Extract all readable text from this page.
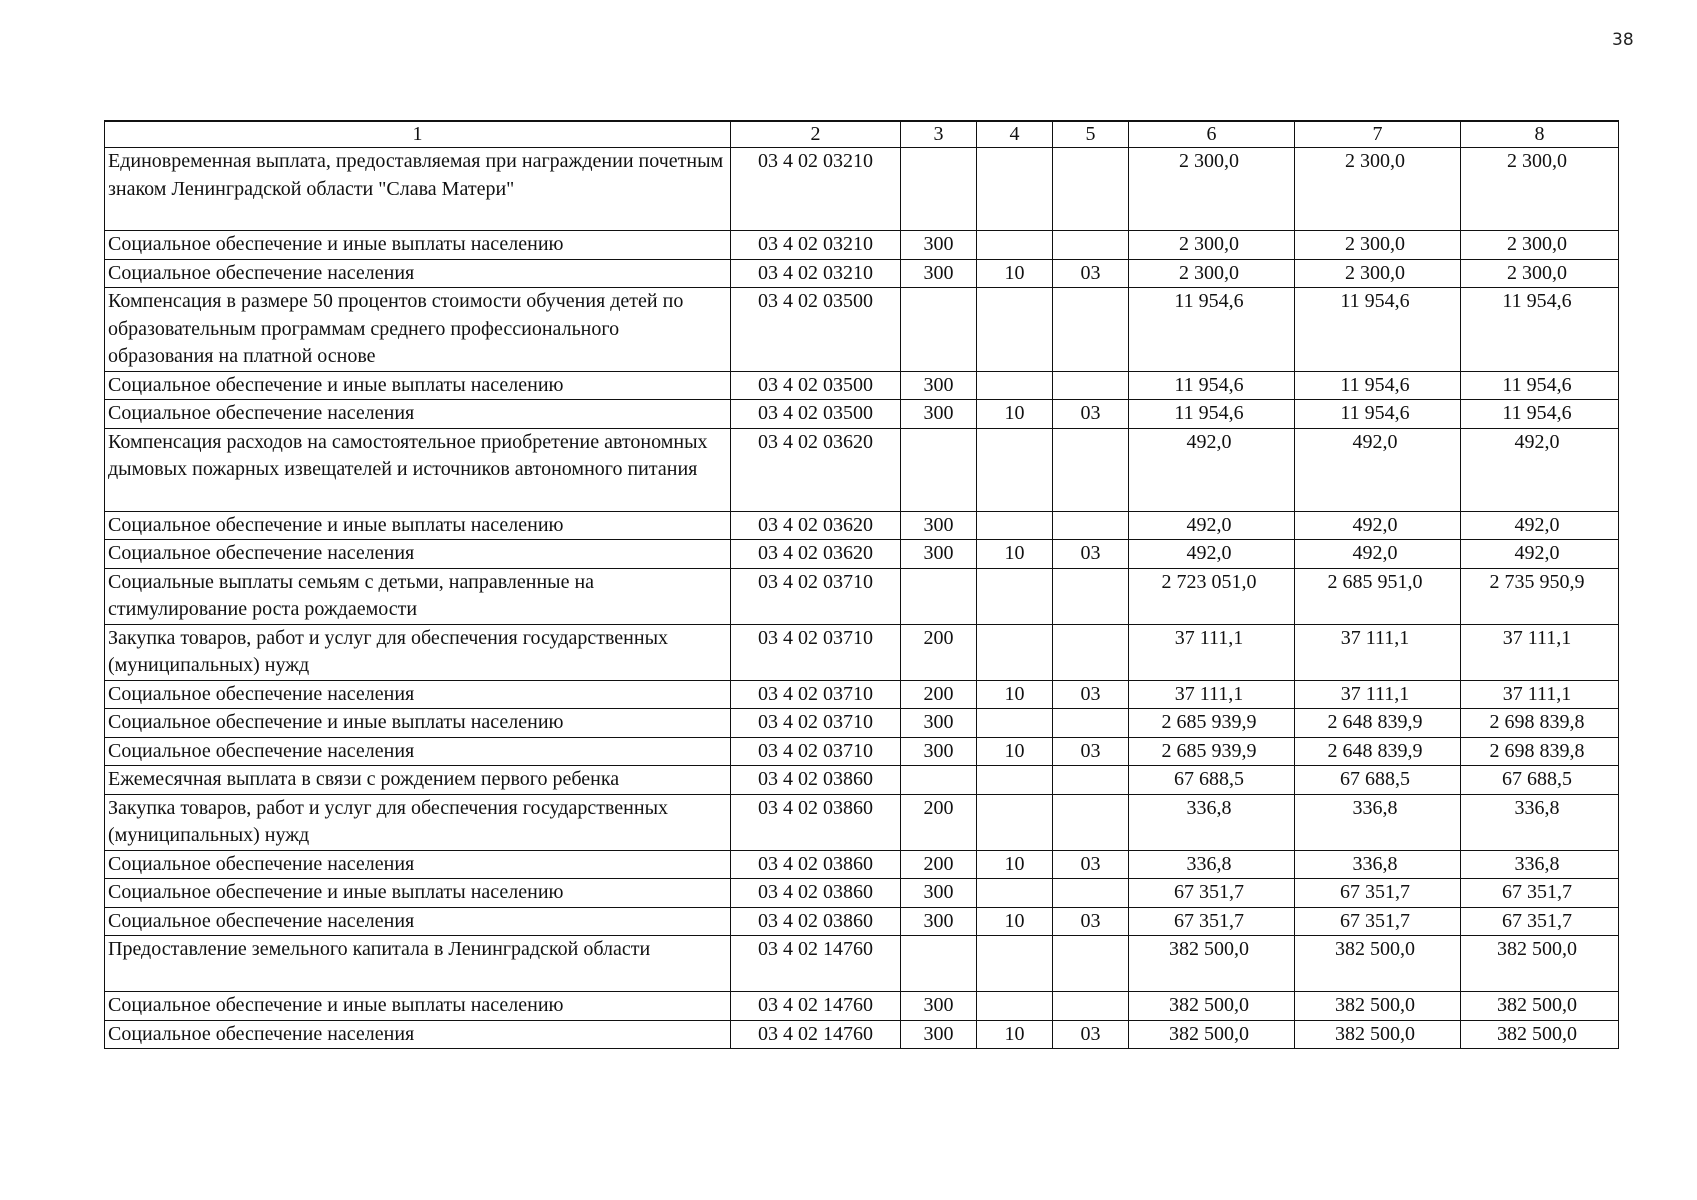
38
1	2	3	4	5	6	7	8
Единовременная выплата, предоставляемая при награждении почетным знаком Ленинградской области "Слава Матери"	03 4 02 03210				2 300,0	2 300,0	2 300,0
Социальное обеспечение и иные выплаты населению	03 4 02 03210	300			2 300,0	2 300,0	2 300,0
Социальное обеспечение населения	03 4 02 03210	300	10	03	2 300,0	2 300,0	2 300,0
Компенсация в размере 50 процентов стоимости обучения детей по образовательным программам среднего профессионального образования на платной основе	03 4 02 03500				11 954,6	11 954,6	11 954,6
Социальное обеспечение и иные выплаты населению	03 4 02 03500	300			11 954,6	11 954,6	11 954,6
Социальное обеспечение населения	03 4 02 03500	300	10	03	11 954,6	11 954,6	11 954,6
Компенсация расходов на самостоятельное приобретение автономных дымовых пожарных извещателей и источников автономного питания	03 4 02 03620				492,0	492,0	492,0
Социальное обеспечение и иные выплаты населению	03 4 02 03620	300			492,0	492,0	492,0
Социальное обеспечение населения	03 4 02 03620	300	10	03	492,0	492,0	492,0
Социальные выплаты семьям с детьми, направленные на стимулирование роста рождаемости	03 4 02 03710				2 723 051,0	2 685 951,0	2 735 950,9
Закупка товаров, работ и услуг для обеспечения государственных (муниципальных) нужд	03 4 02 03710	200			37 111,1	37 111,1	37 111,1
Социальное обеспечение населения	03 4 02 03710	200	10	03	37 111,1	37 111,1	37 111,1
Социальное обеспечение и иные выплаты населению	03 4 02 03710	300			2 685 939,9	2 648 839,9	2 698 839,8
Социальное обеспечение населения	03 4 02 03710	300	10	03	2 685 939,9	2 648 839,9	2 698 839,8
Ежемесячная выплата в связи с рождением первого ребенка	03 4 02 03860				67 688,5	67 688,5	67 688,5
Закупка товаров, работ и услуг для обеспечения государственных (муниципальных) нужд	03 4 02 03860	200			336,8	336,8	336,8
Социальное обеспечение населения	03 4 02 03860	200	10	03	336,8	336,8	336,8
Социальное обеспечение и иные выплаты населению	03 4 02 03860	300			67 351,7	67 351,7	67 351,7
Социальное обеспечение населения	03 4 02 03860	300	10	03	67 351,7	67 351,7	67 351,7
Предоставление земельного капитала в Ленинградской области	03 4 02 14760				382 500,0	382 500,0	382 500,0
Социальное обеспечение и иные выплаты населению	03 4 02 14760	300			382 500,0	382 500,0	382 500,0
Социальное обеспечение населения	03 4 02 14760	300	10	03	382 500,0	382 500,0	382 500,0
